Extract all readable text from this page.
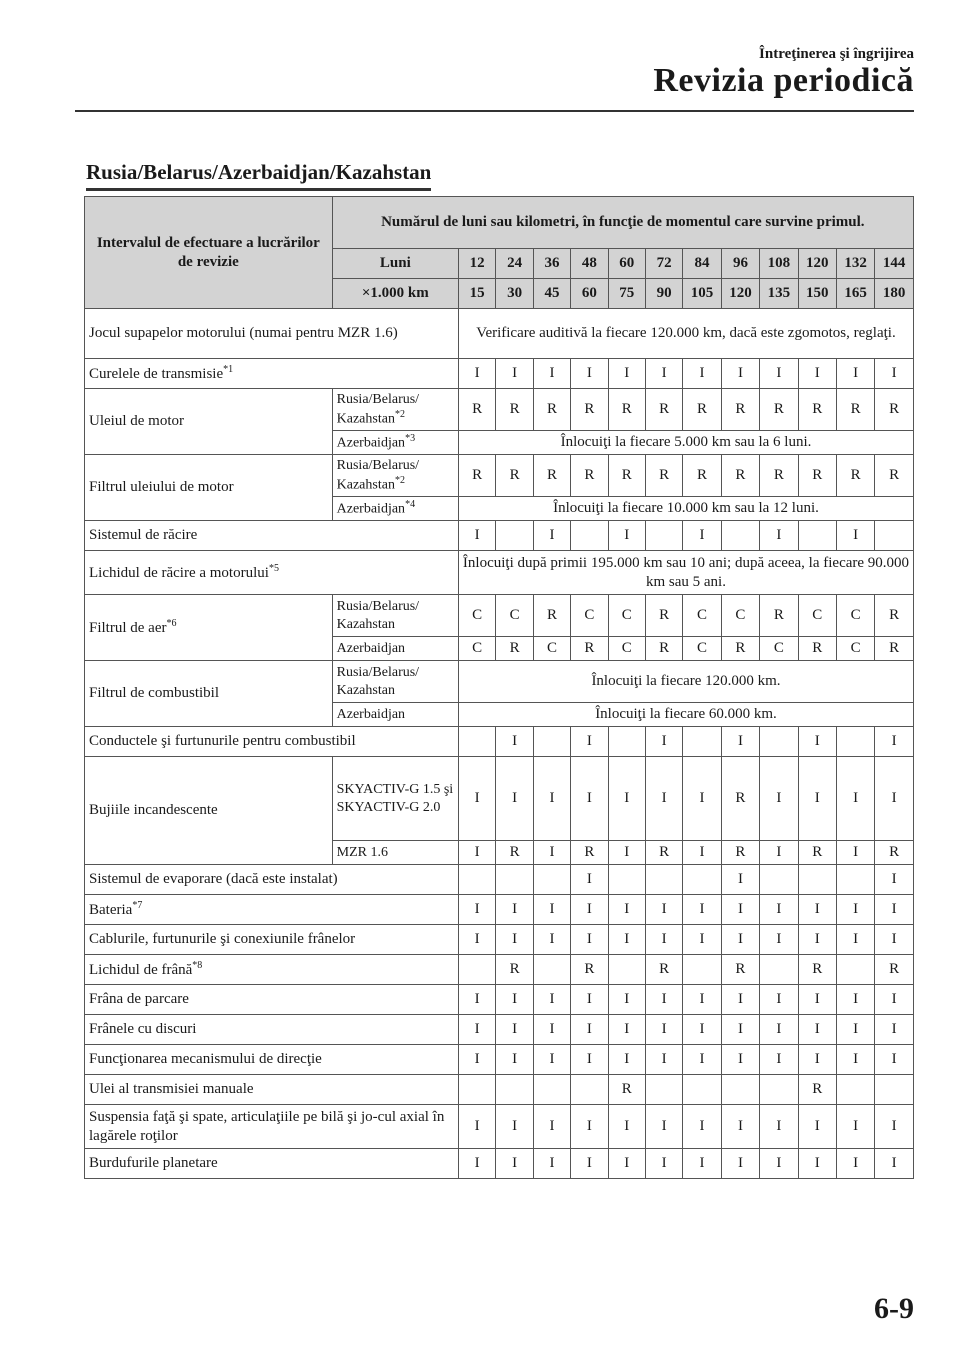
Întreţinerea şi îngrijirea
Revizia periodică
Rusia/Belarus/Azerbaidjan/Kazahstan
Intervalul de efectuare a lucrărilor de revizie	Numărul de luni sau kilometri, în funcţie de momentul care survine primul.												
	Luni	12	24	36	48	60	72	84	96	108	120	132	144
	×1.000 km	15	30	45	60	75	90	105	120	135	150	165	180
Jocul supapelor motorului (numai pentru MZR 1.6)		Verificare auditivă la fiecare 120.000 km, dacă este zgomotos, reglaţi.											
Curelele de transmisie$^{*1}$		I	I	I	I	I	I	I	I	I	I	I	I
Uleiul de motor	Rusia/Belarus/ Kazahstan$^{*2}$	R	R	R	R	R	R	R	R	R	R	R	R
	Azerbaidjan$^{*3}$	Înlocuiţi la fiecare 5.000 km sau la 6 luni.											
Filtrul uleiului de motor	Rusia/Belarus/ Kazahstan$^{*2}$	R	R	R	R	R	R	R	R	R	R	R	R
	Azerbaidjan$^{*4}$	Înlocuiţi la fiecare 10.000 km sau la 12 luni.											
Sistemul de răcire		I		I		I		I		I		I	
Lichidul de răcire a motorului$^{*5}$		Înlocuiţi după primii 195.000 km sau 10 ani; după aceea, la fiecare 90.000 km sau 5 ani.											
Filtrul de aer$^{*6}$	Rusia/Belarus/ Kazahstan	C	C	R	C	C	R	C	C	R	C	C	R
	Azerbaidjan	C	R	C	R	C	R	C	R	C	R	C	R
Filtrul de combustibil	Rusia/Belarus/ Kazahstan	Înlocuiţi la fiecare 120.000 km.											
	Azerbaidjan	Înlocuiţi la fiecare 60.000 km.											
Conductele şi furtunurile pentru combustibil			I		I		I		I		I		I
Bujiile incandescente	SKYACTIV-G 1.5 şi SKYACTIV-G 2.0	I	I	I	I	I	I	I	R	I	I	I	I
	MZR 1.6	I	R	I	R	I	R	I	R	I	R	I	R
Sistemul de evaporare (dacă este instalat)					I				I				I
Bateria$^{*7}$		I	I	I	I	I	I	I	I	I	I	I	I
Cablurile, furtunurile şi conexiunile frânelor		I	I	I	I	I	I	I	I	I	I	I	I
Lichidul de frână$^{*8}$			R		R		R		R		R		R
Frâna de parcare		I	I	I	I	I	I	I	I	I	I	I	I
Frânele cu discuri		I	I	I	I	I	I	I	I	I	I	I	I
Funcţionarea mecanismului de direcţie		I	I	I	I	I	I	I	I	I	I	I	I
Ulei al transmisiei manuale						R					R		
Suspensia faţă şi spate, articulaţiile pe bilă şi jo-cul axial în lagărele roţilor		I	I	I	I	I	I	I	I	I	I	I	I
Burdufurile planetare		I	I	I	I	I	I	I	I	I	I	I	I
6-9
